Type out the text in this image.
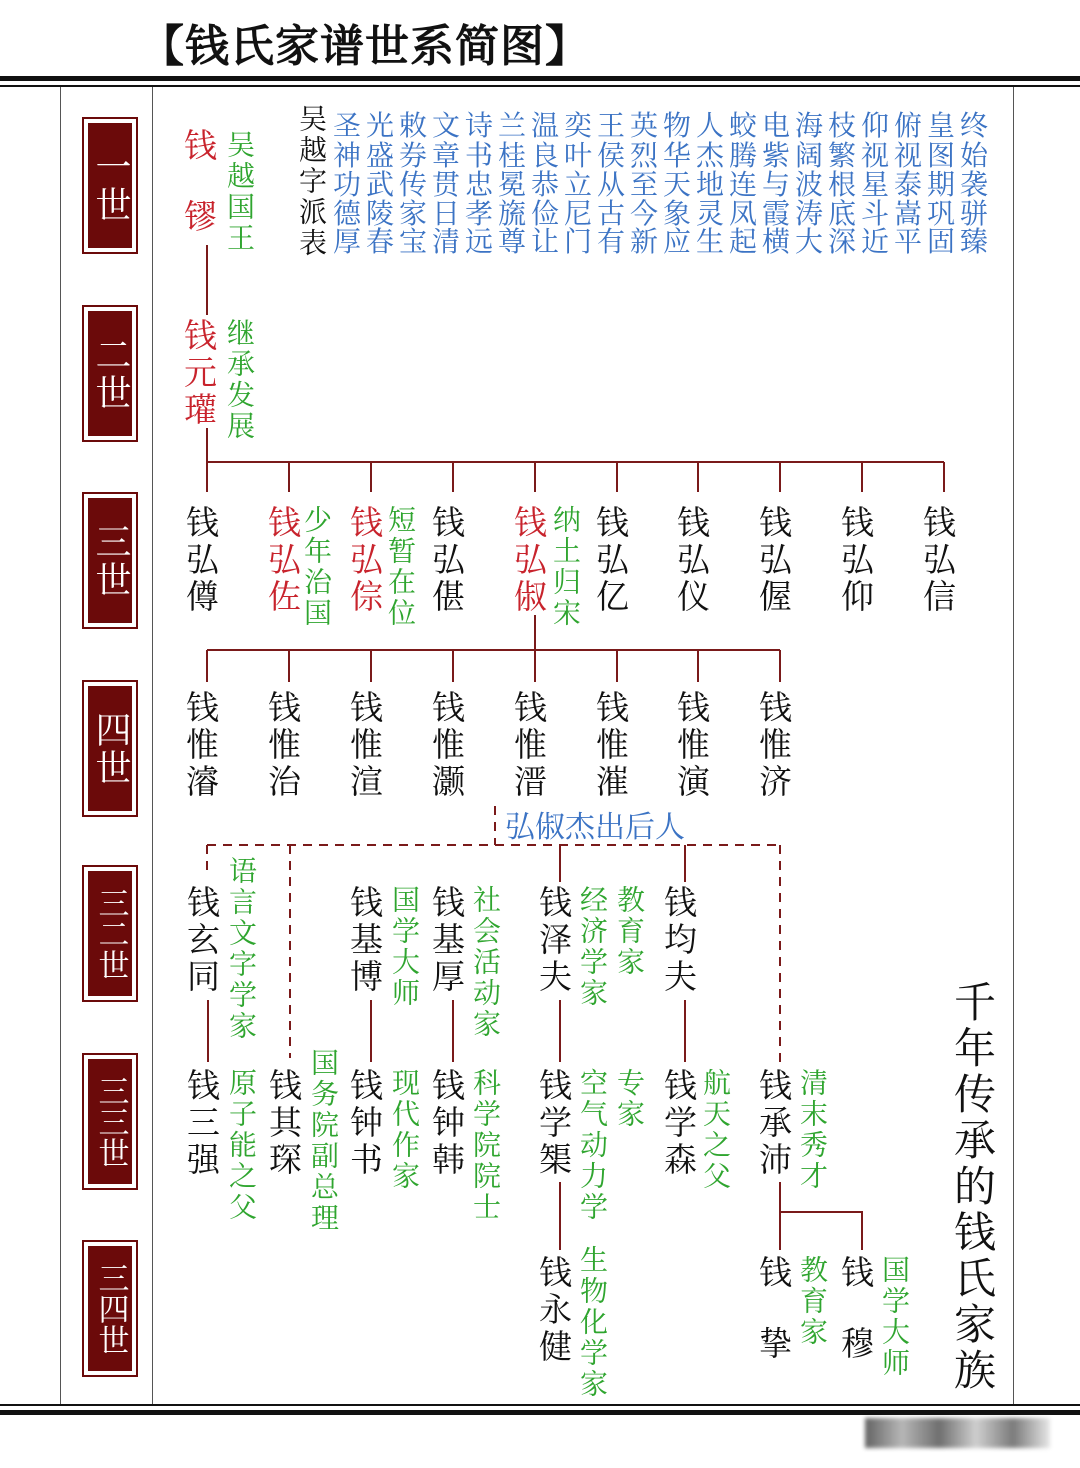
【钱氏家谱世系简图】
一世
二世
三世
四世
三二世
三三世
三四世
吴越字派表 圣光敕文诗兰温奕王英物人蛟电海枝仰俯皇终
神盛券章书桂良叶侯烈华杰腾紫阔繁视视图始
功武传贯忠冕恭立从至天地连与波根星泰期袭
德陵家日孝旒俭尼古今象灵凤霞涛底斗嵩巩骈
厚春宝清远尊让门有新应生起横大深近平固臻
钱镠 吴越国王
钱元瓘 继承发展
钱弘僔 钱弘佐
少年治国 钱弘倧 短暂在位 钱弘偡 钱弘俶 纳土归宋 钱弘亿 钱弘仪 钱弘偓 钱弘仰 钱弘信
钱惟濬 钱惟治 钱惟渲 钱惟灏 钱惟溍 钱惟漼 钱惟演 钱惟济
弘俶杰出后人
钱玄同 语言文字学家	钱基博 国学大师 钱基厚 社会活动家 钱泽夫 经济学家 教育家 钱均夫
钱三强 原子能之父 钱其琛 国务院副总理 钱钟书 现代作家 钱钟韩 科学院院士 钱学榘 空气动力学 专家 钱学森 航天之父 钱承沛 清末秀才
钱永健 生物化学家	钱挚 教育家 钱穆 国学大师 千年传承的钱氏家族
